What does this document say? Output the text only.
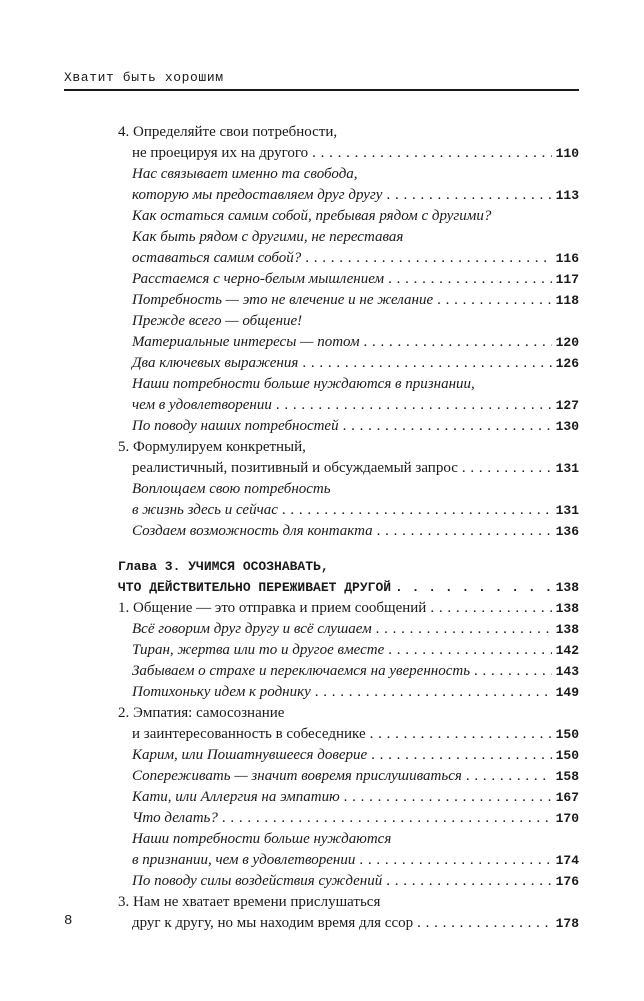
Хватит быть хорошим
4. Определяйте свои потребности,
не проецируя их на другого . . .	110
Нас связывает именно та свобода,
которую мы предоставляем друг другу . . .	113
Как остаться самим собой, пребывая рядом с другими?
Как быть рядом с другими, не переставая
оставаться самим собой? . . .	116
Расстаемся с черно-белым мышлением . . .	117
Потребность — это не влечение и не желание . . .	118
Прежде всего — общение!
Материальные интересы — потом . . .	120
Два ключевых выражения . . .	126
Наши потребности больше нуждаются в признании,
чем в удовлетворении . . .	127
По поводу наших потребностей . . .	130
5. Формулируем конкретный,
реалистичный, позитивный и обсуждаемый запрос . . .	131
Воплощаем свою потребность
в жизнь здесь и сейчас . . .	131
Создаем возможность для контакта . . .	136
Глава 3. УЧИМСЯ ОСОЗНАВАТЬ,
ЧТО ДЕЙСТВИТЕЛЬНО ПЕРЕЖИВАЕТ ДРУГОЙ . . .	138
1. Общение — это отправка и прием сообщений . . .	138
Всё говорим друг другу и всё слушаем . . .	138
Тиран, жертва или то и другое вместе . . .	142
Забываем о страхе и переключаемся на уверенность . . .	143
Потихоньку идем к роднику . . .	149
2. Эмпатия: самосознание
и заинтересованность в собеседнике . . .	150
Карим, или Пошатнувшееся доверие . . .	150
Сопереживать — значит вовремя прислушиваться . . .	158
Кати, или Аллергия на эмпатию . . .	167
Что делать? . . .	170
Наши потребности больше нуждаются
в признании, чем в удовлетворении . . .	174
По поводу силы воздействия суждений . . .	176
3. Нам не хватает времени прислушаться
друг к другу, но мы находим время для ссор . . .	178
8
